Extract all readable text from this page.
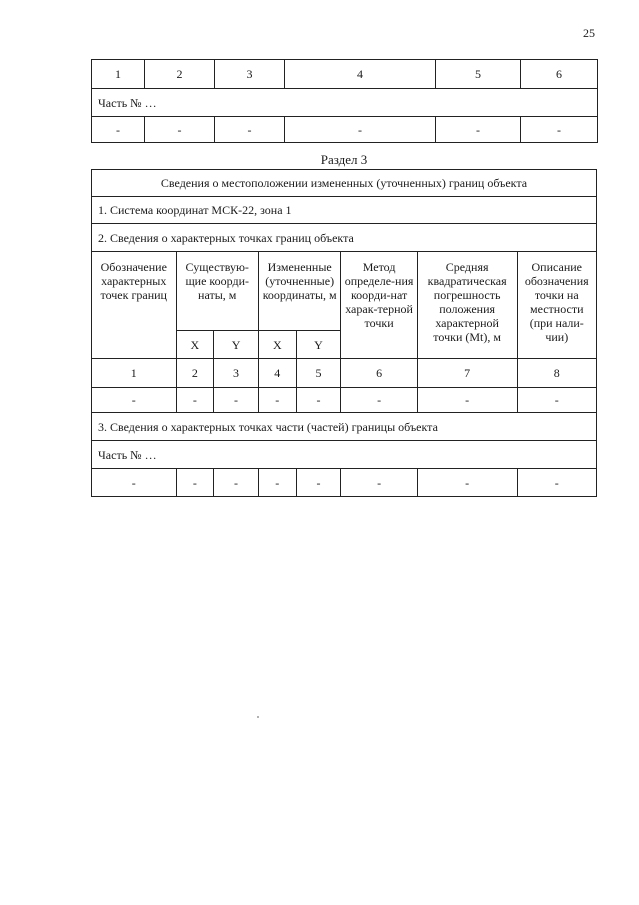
25
1	2	3	4	5	6
Часть № …					
-	-	-	-	-	-
Раздел 3
Сведения о местоположении измененных (уточненных) границ объекта							
1. Система координат МСК-22, зона 1							
2. Сведения о характерных точках границ объекта							
Обозначение характерных точек границ	Существую-щие коорди-наты, м		Измененные (уточненные) координаты, м		Метод определе-ния коорди-нат харак-терной точки	Средняя квадратическая погрешность положения характерной точки (Mt), м	Описание обозначения точки на местности (при нали-чии)
	X	Y	X	Y			
1	2	3	4	5	6	7	8
-	-	-	-	-	-	-	-
3. Сведения о характерных точках части (частей) границы объекта							
Часть № …							
-	-	-	-	-	-	-	-
